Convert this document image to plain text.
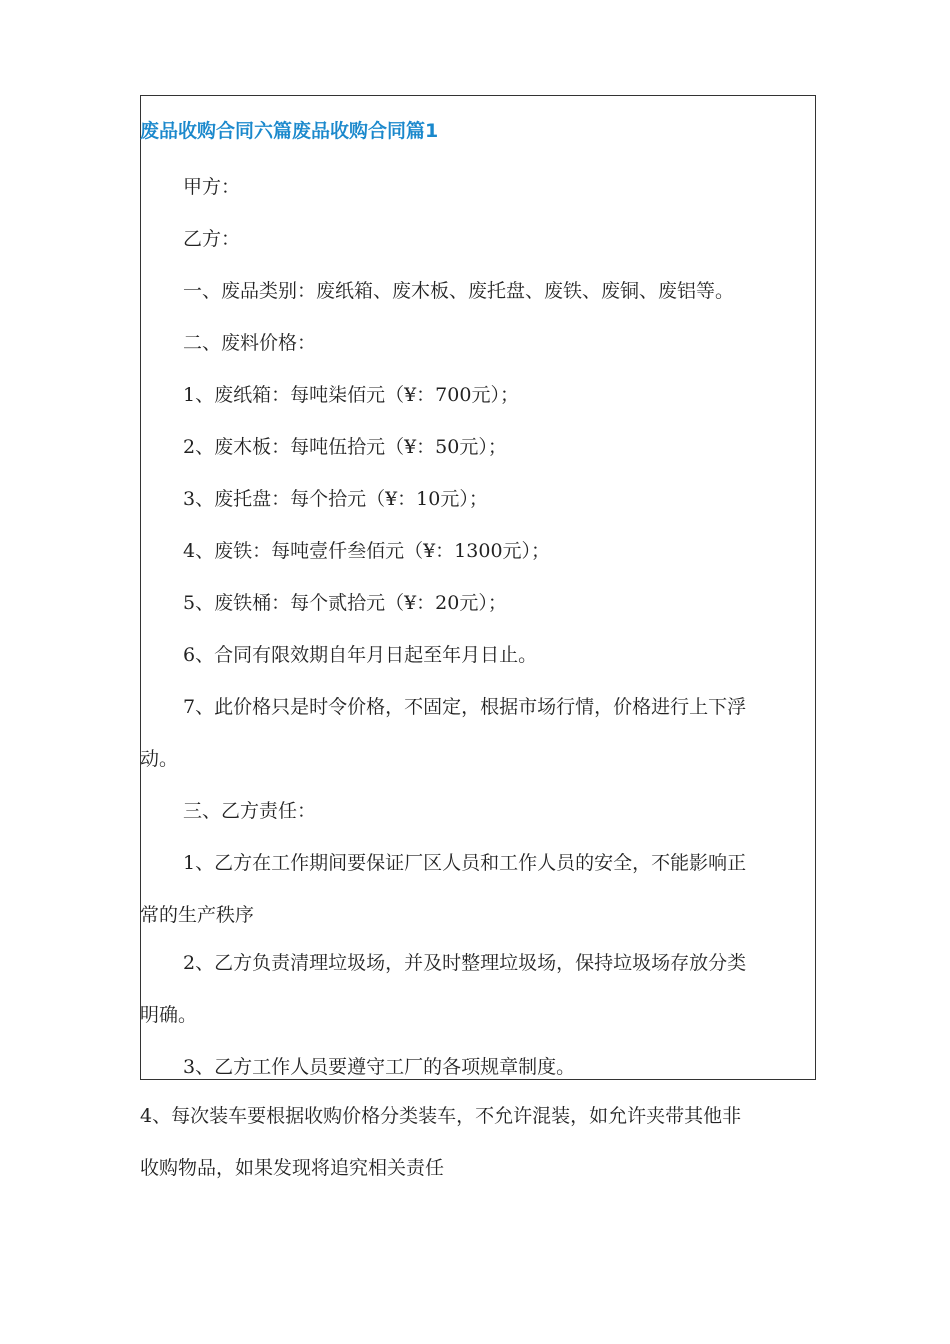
废品收购合同六篇废品收购合同篇1
甲方：
乙方：
一、废品类别：废纸箱、废木板、废托盘、废铁、废铜、废铝等。
二、废料价格：
1、废纸箱：每吨柒佰元（¥：700元）；
2、废木板：每吨伍拾元（¥：50元）；
3、废托盘：每个拾元（¥：10元）；
4、废铁：每吨壹仟叁佰元（¥：1300元）；
5、废铁桶：每个贰拾元（¥：20元）；
6、合同有限效期自年月日起至年月日止。
7、此价格只是时令价格，不固定，根据市场行情，价格进行上下浮
动。
三、乙方责任：
1、乙方在工作期间要保证厂区人员和工作人员的安全，不能影响正
常的生产秩序
2、乙方负责清理垃圾场，并及时整理垃圾场，保持垃圾场存放分类
明确。
3、乙方工作人员要遵守工厂的各项规章制度。
4、每次装车要根据收购价格分类装车，不允许混装，如允许夹带其他非
收购物品，如果发现将追究相关责任
